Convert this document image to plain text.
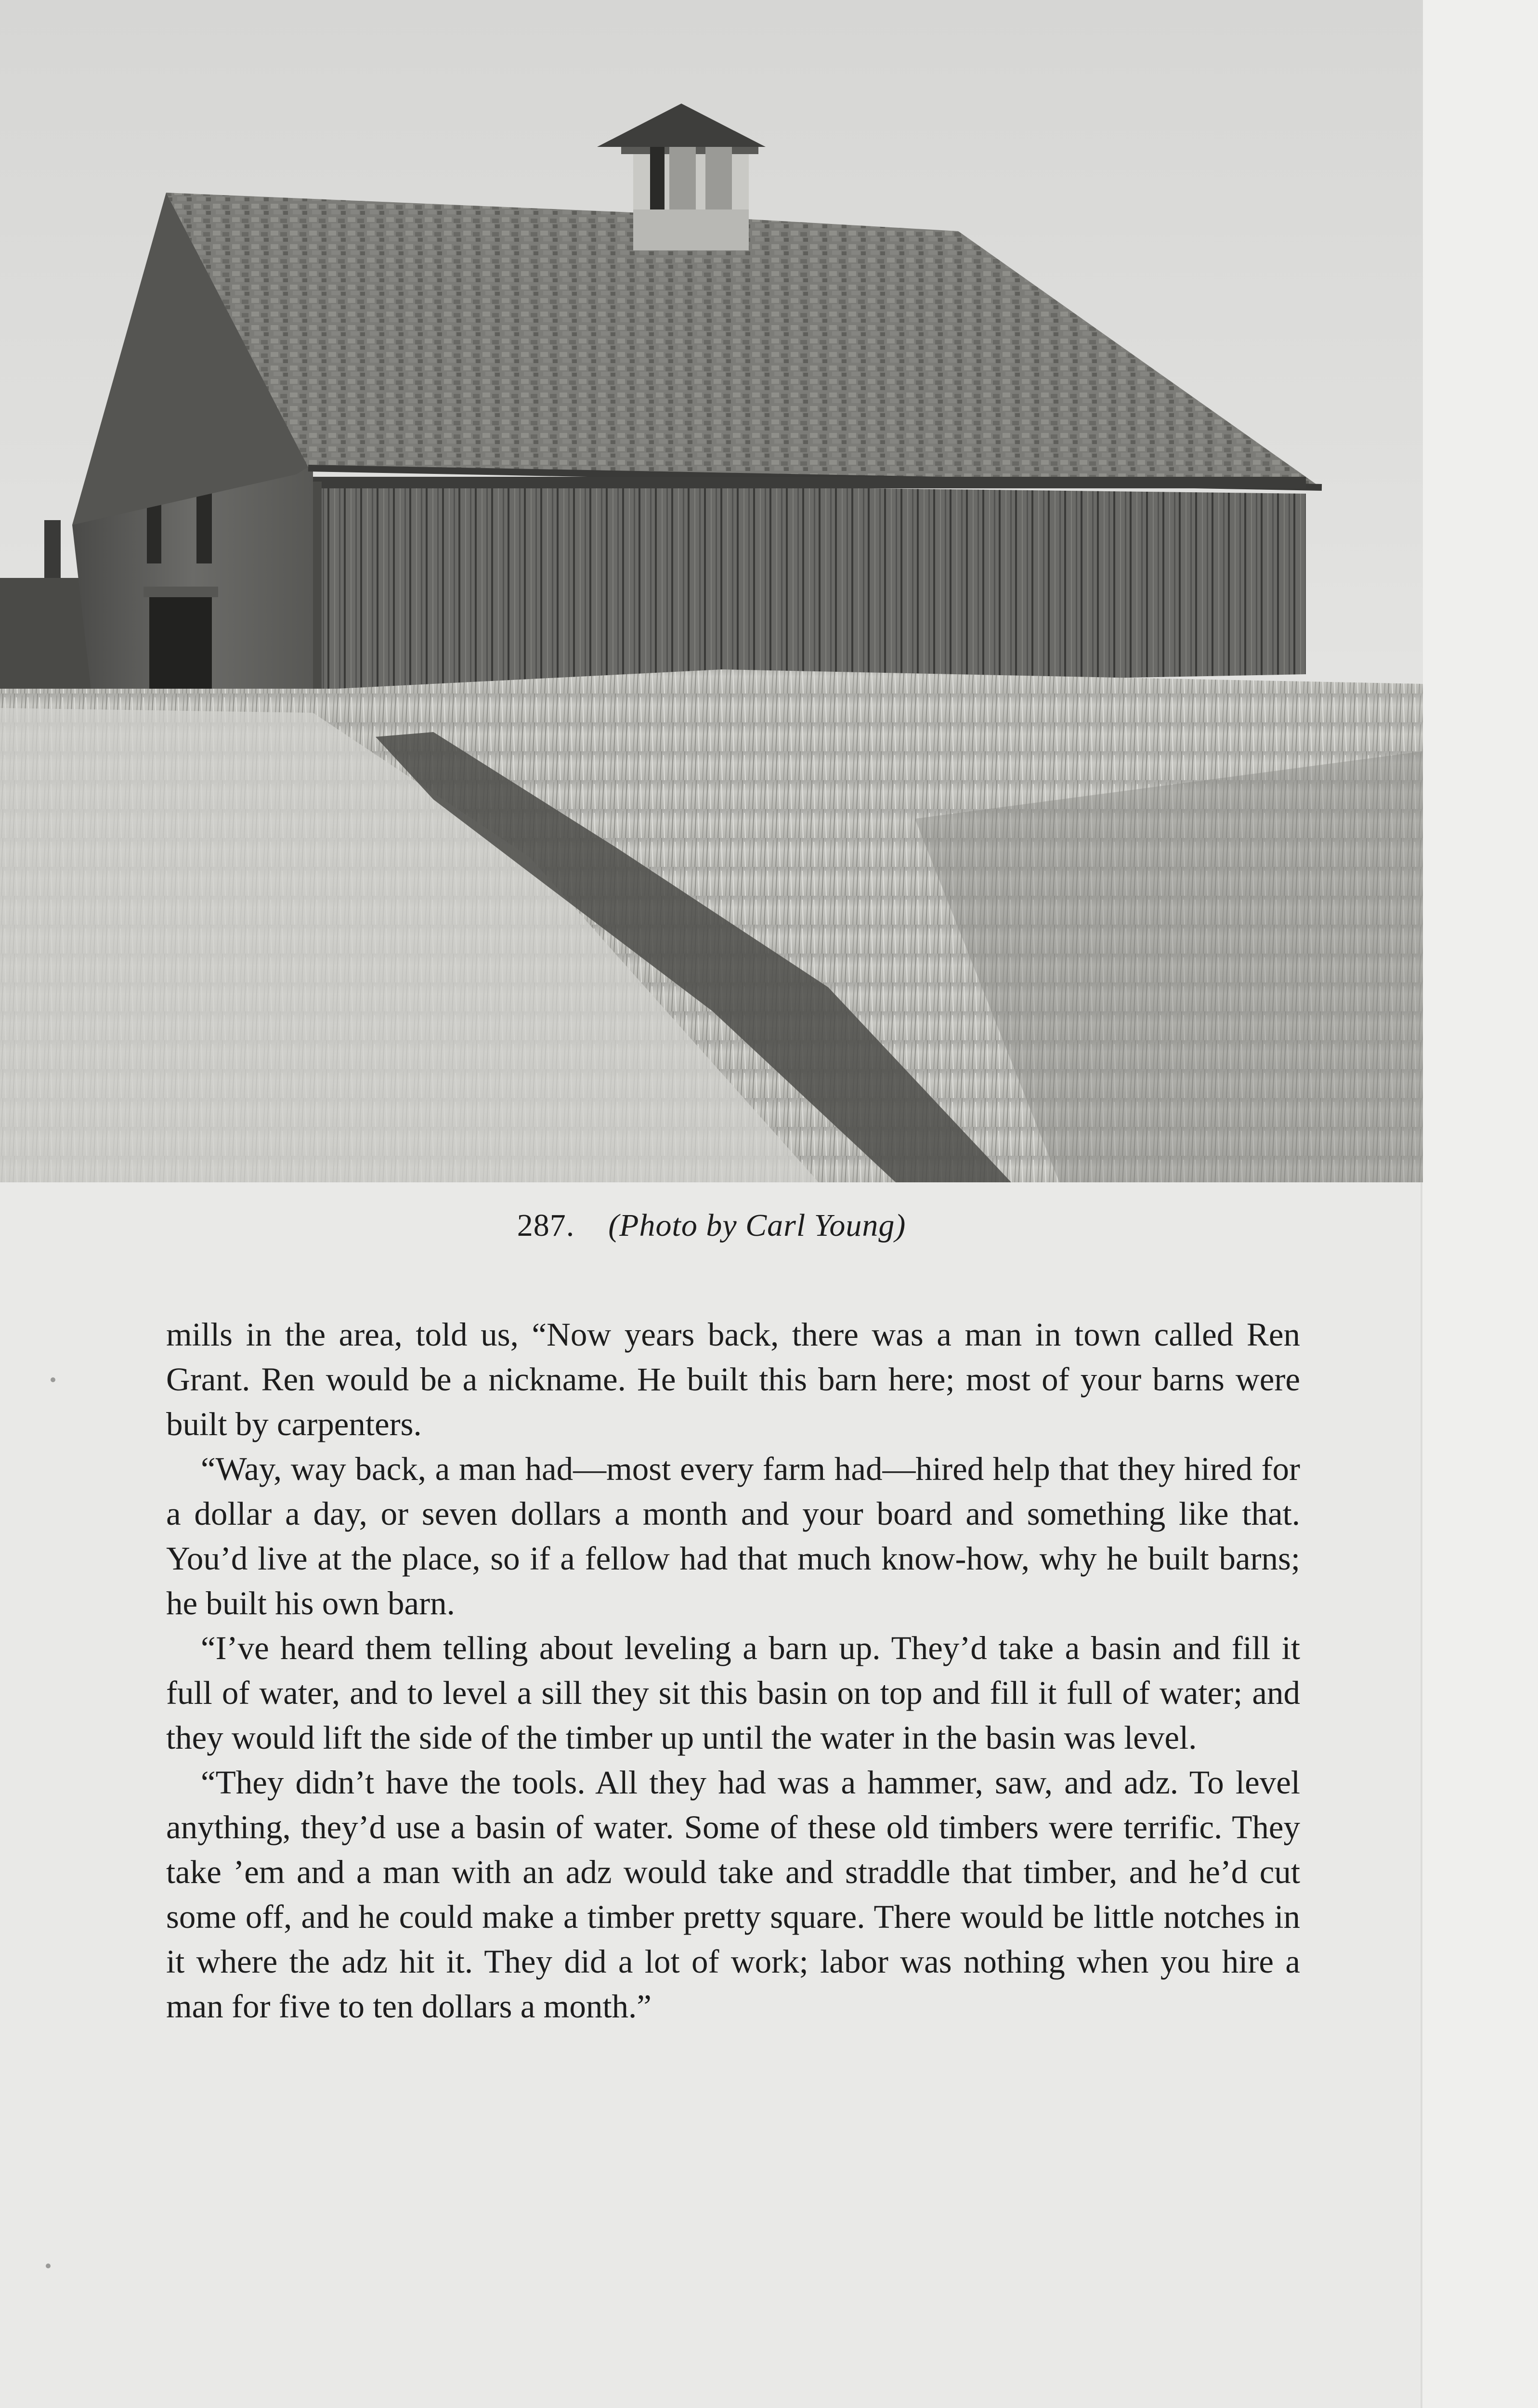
287. (Photo by Carl Young)

mills in the area, told us, “Now years back, there was a man in town called Ren Grant. Ren would be a nickname. He built this barn here; most of your barns were built by carpenters.

“Way, way back, a man had—most every farm had—hired help that they hired for a dollar a day, or seven dollars a month and your board and something like that. You’d live at the place, so if a fellow had that much know-how, why he built barns; he built his own barn.

“I’ve heard them telling about leveling a barn up. They’d take a basin and fill it full of water, and to level a sill they sit this basin on top and fill it full of water; and they would lift the side of the timber up until the water in the basin was level.

“They didn’t have the tools. All they had was a hammer, saw, and adz. To level anything, they’d use a basin of water. Some of these old timbers were terrific. They take ’em and a man with an adz would take and straddle that timber, and he’d cut some off, and he could make a timber pretty square. There would be little notches in it where the adz hit it. They did a lot of work; labor was nothing when you hire a man for five to ten dollars a month.”
